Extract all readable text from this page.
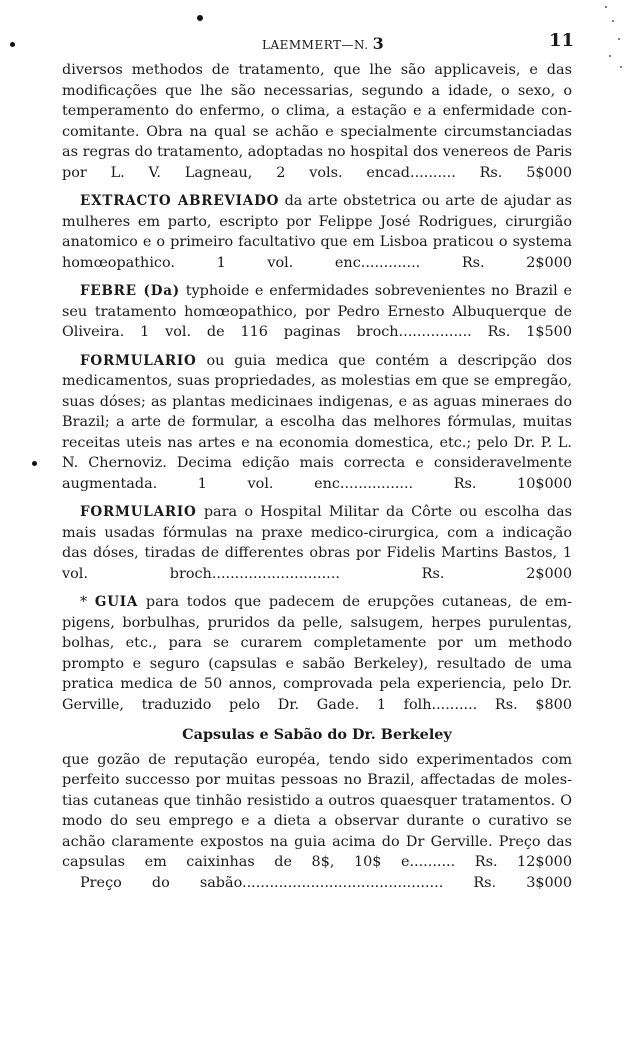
LAEMMERT—N. 3	11

diversos methodos de tratamento, que lhe são applicaveis, e das modificações que lhe são necessarias, segundo a idade, o sexo, o temperamento do enfermo, o clima, a estação e a enfermidade concomitante. Obra na qual se achão e specialmente circumstanciadas as regras do tratamento, adoptadas no hospital dos venereos de Paris por L. V. Lagneau, 2 vols. encad.......... Rs. 5$000

EXTRACTO ABREVIADO da arte obstetrica ou arte de ajudar as mulheres em parto, escripto por Felippe José Rodrigues, cirurgião anatomico e o primeiro facultativo que em Lisboa praticou o systema homœopathico. 1 vol. enc............. Rs. 2$000

FEBRE (Da) typhoide e enfermidades sobrevenientes no Brazil e seu tratamento homœopathico, por Pedro Ernesto Albuquerque de Oliveira. 1 vol. de 116 paginas broch................ Rs. 1$500

FORMULARIO ou guia medica que contém a descripção dos medicamentos, suas propriedades, as molestias em que se empregão, suas dóses; as plantas medicinaes indigenas, e as aguas mineraes do Brazil; a arte de formular, a escolha das melhores fórmulas, muitas receitas uteis nas artes e na economia domestica, etc.; pelo Dr. P. L. N. Chernoviz. Decima edição mais correcta e consideravelmente augmentada. 1 vol. enc................ Rs. 10$000

FORMULARIO para o Hospital Militar da Côrte ou escolha das mais usadas fórmulas na praxe medico-cirurgica, com a indicação das dóses, tiradas de differentes obras por Fidelis Martins Bastos, 1 vol. broch............................ Rs. 2$000

* GUIA para todos que padecem de erupções cutaneas, de empigens, borbulhas, pruridos da pelle, salsugem, herpes purulentas, bolhas, etc., para se curarem completamente por um methodo prompto e seguro (capsulas e sabão Berkeley), resultado de uma pratica medica de 50 annos, comprovada pela experiencia, pelo Dr. Gerville, traduzido pelo Dr. Gade. 1 folh.......... Rs. $800

Capsulas e Sabão do Dr. Berkeley

que gozão de reputação européa, tendo sido experimentados com perfeito successo por muitas pessoas no Brazil, affectadas de molestias cutaneas que tinhão resistido a outros quaesquer tratamentos. O modo do seu emprego e a dieta a observar durante o curativo se achão claramente expostos na guia acima do Dr Gerville. Preço das capsulas em caixinhas de 8$, 10$ e.......... Rs. 12$000

Preço do sabão............................................ Rs. 3$000
